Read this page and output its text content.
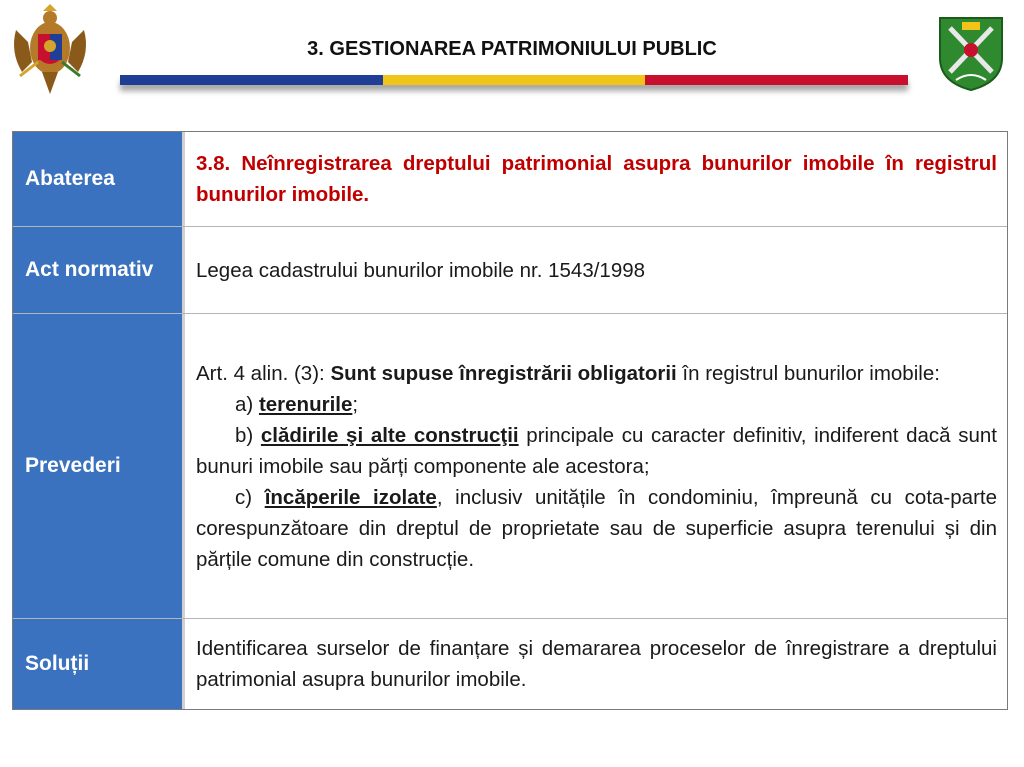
3. GESTIONAREA PATRIMONIULUI PUBLIC
Abaterea
3.8. Neînregistrarea dreptului patrimonial asupra bunurilor imobile în registrul bunurilor imobile.
Act normativ	Legea cadastrului bunurilor imobile nr. 1543/1998
Prevederi
Art. 4 alin. (3): Sunt supuse înregistrării obligatorii în registrul bunurilor imobile:
a) terenurile;
b) clădirile şi alte construcţii principale cu caracter definitiv, indiferent dacă sunt bunuri imobile sau părți componente ale acestora;
c) încăperile izolate, inclusiv unitățile în condominiu, împreună cu cota-parte corespunzătoare din dreptul de proprietate sau de superficie asupra terenului și din părțile comune din construcție.
Soluții
Identificarea surselor de finanțare și demararea proceselor de înregistrare a dreptului patrimonial asupra bunurilor imobile.
